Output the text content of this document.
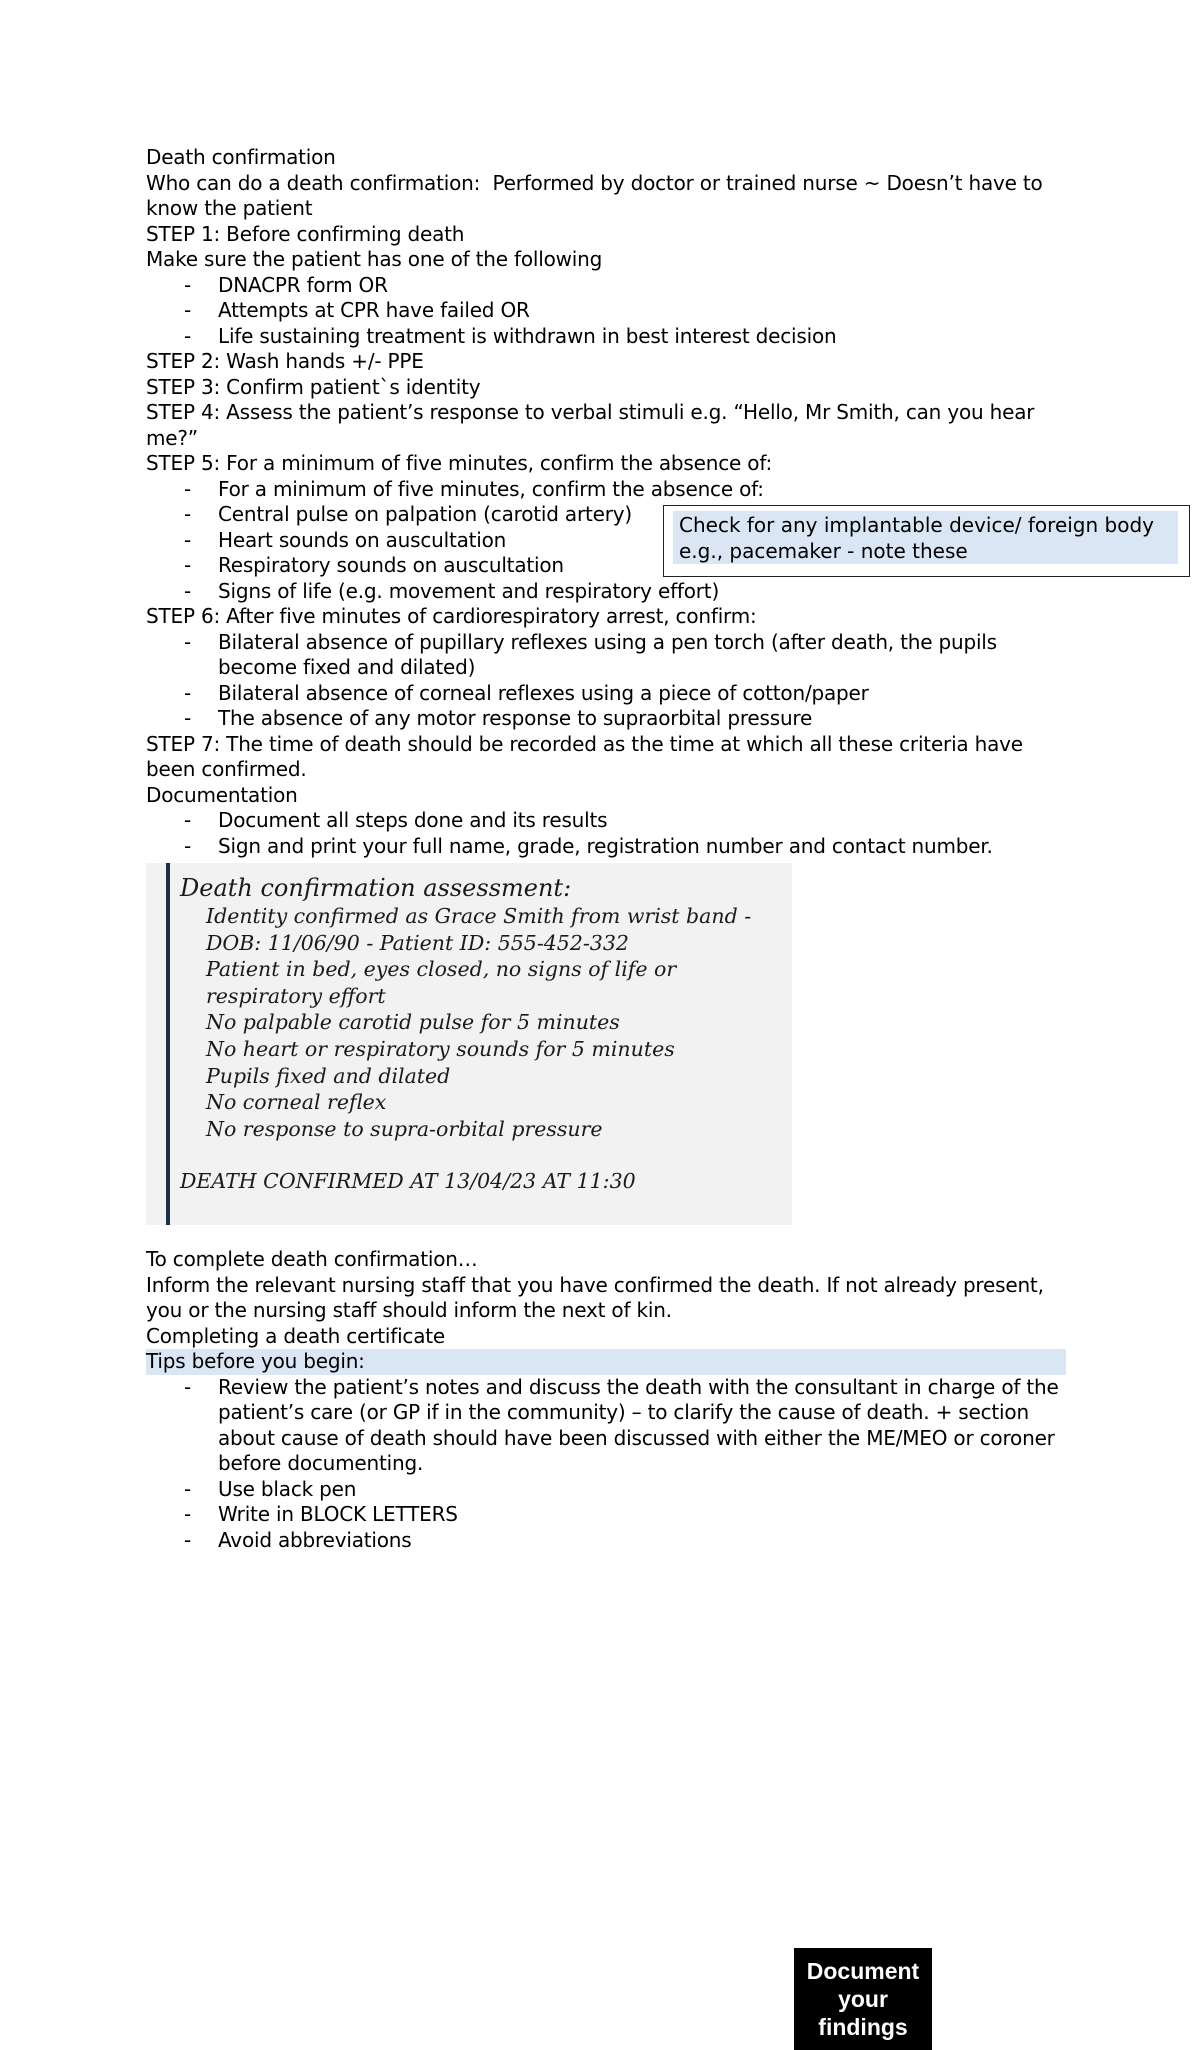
Death confirmation
Who can do a death confirmation:  Performed by doctor or trained nurse ~ Doesn’t have to know the patient
STEP 1: Before confirming death
Make sure the patient has one of the following
- DNACPR form OR
- Attempts at CPR have failed OR
- Life sustaining treatment is withdrawn in best interest decision
STEP 2: Wash hands +/- PPE
STEP 3: Confirm patient`s identity
STEP 4: Assess the patient’s response to verbal stimuli e.g. “Hello, Mr Smith, can you hear me?”
STEP 5: For a minimum of five minutes, confirm the absence of:
- For a minimum of five minutes, confirm the absence of:
- Central pulse on palpation (carotid artery)
- Heart sounds on auscultation
- Respiratory sounds on auscultation
- Signs of life (e.g. movement and respiratory effort)
STEP 6: After five minutes of cardiorespiratory arrest, confirm:
- Bilateral absence of pupillary reflexes using a pen torch (after death, the pupils become fixed and dilated)
- Bilateral absence of corneal reflexes using a piece of cotton/paper
- The absence of any motor response to supraorbital pressure
STEP 7: The time of death should be recorded as the time at which all these criteria have been confirmed.
Documentation
- Document all steps done and its results
- Sign and print your full name, grade, registration number and contact number.
Check for any implantable device/ foreign body e.g., pacemaker - note these
Death confirmation assessment:
Identity confirmed as Grace Smith from wrist band -
DOB: 11/06/90 - Patient ID: 555-452-332
Patient in bed, eyes closed, no signs of life or
respiratory effort
No palpable carotid pulse for 5 minutes
No heart or respiratory sounds for 5 minutes
Pupils fixed and dilated
No corneal reflex
No response to supra-orbital pressure
DEATH CONFIRMED AT 13/04/23 AT 11:30
Document your findings
To complete death confirmation…
Inform the relevant nursing staff that you have confirmed the death. If not already present, you or the nursing staff should inform the next of kin.
Completing a death certificate
Tips before you begin:
- Review the patient’s notes and discuss the death with the consultant in charge of the patient’s care (or GP if in the community) – to clarify the cause of death. + section about cause of death should have been discussed with either the ME/MEO or coroner before documenting.
- Use black pen
- Write in BLOCK LETTERS
- Avoid abbreviations
